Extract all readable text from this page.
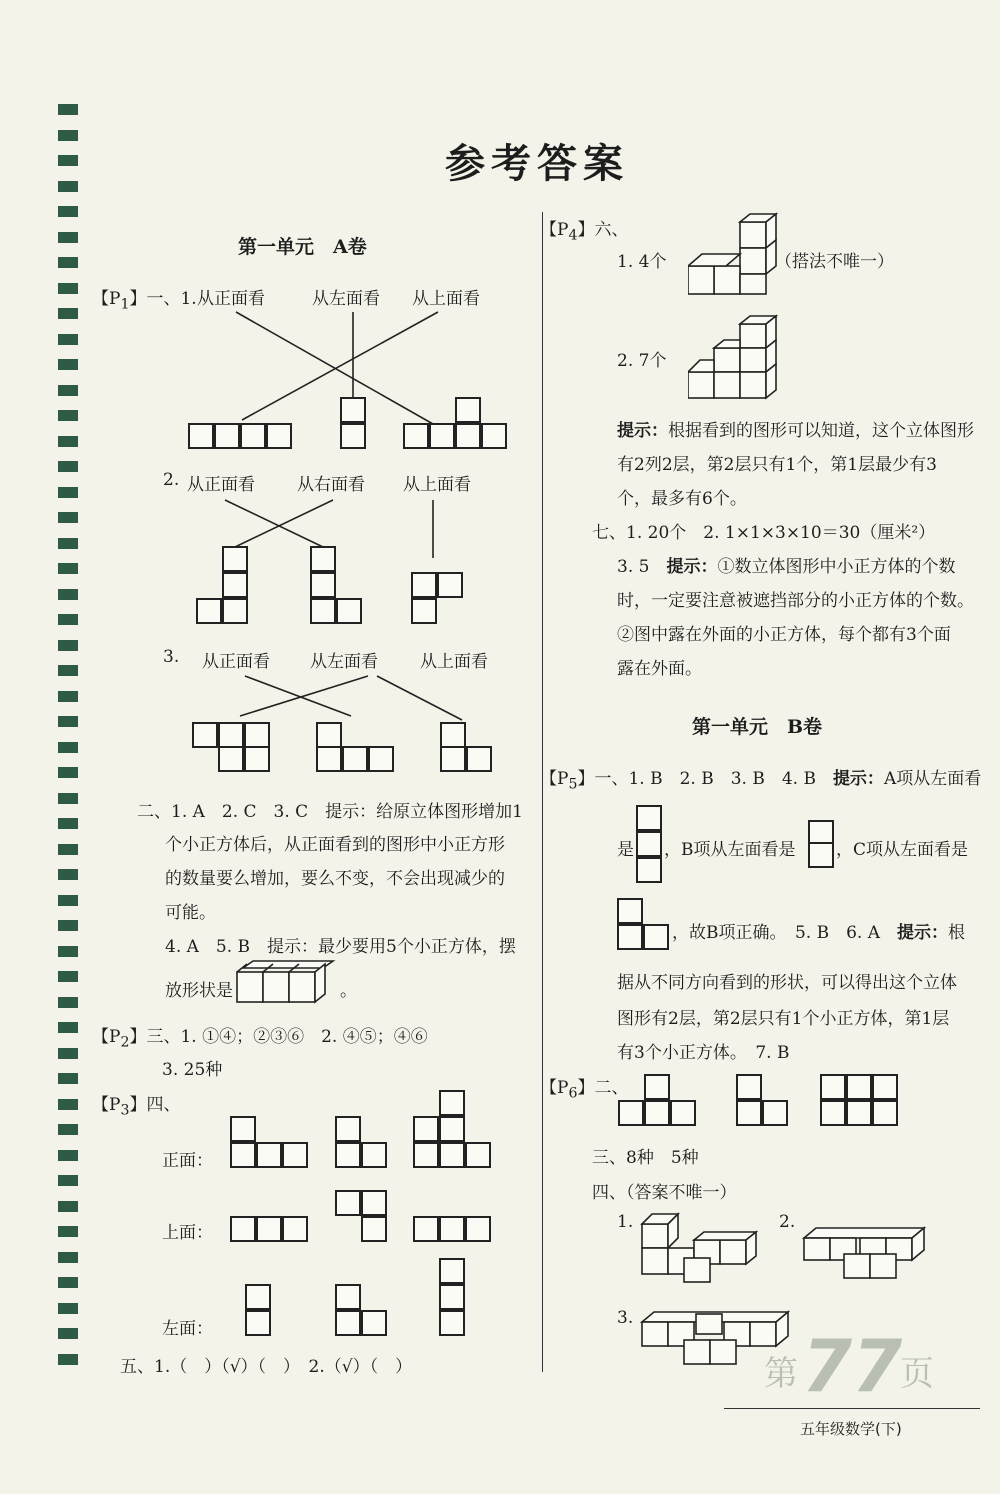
参考答案
第一单元　A卷
【$P_1$】一、1. 从正面看	从左面看 从上面看
2. 从正面看 从右面看 从上面看
3. 从正面看 从左面看 从上面看
二、1. A　2. C　3. C　提示：给原立体图形增加1
个小正方体后，从正面看到的图形中小正方形
的数量要么增加，要么不变，不会出现减少的
可能。
4. A　5. B　提示：最少要用5个小正方体，摆
放形状是	。
【$P_2$】三、1. ①④；②③⑥　2. ④⑤；④⑥
3. 25种
【$P_3$】四、
正面：
上面：
左面：
五、1.（　）（√）（　）　2.（√）（　）
【$P_4$】六、
1. 4个	（搭法不唯一）
2. 7个
提示：根据看到的图形可以知道，这个立体图形
有2列2层，第2层只有1个，第1层最少有3
个，最多有6个。
七、1. 20个　2. 1×1×3×10＝30（厘米²）
3. 5　提示：①数立体图形中小正方体的个数
时，一定要注意被遮挡部分的小正方体的个数。
②图中露在外面的小正方体，每个都有3个面
露在外面。
第一单元　B卷
【$P_5$】一、1. B　2. B　3. B　4. B　提示：A项从左面看
是 ，B项从左面看是 ，C项从左面看是
，故B项正确。　5. B　6. A　提示：根
据从不同方向看到的形状，可以得出这个立体
图形有2层，第2层只有1个小正方体，第1层
有3个小正方体。　7. B
【$P_6$】二、
三、8种　5种
四、（答案不唯一）
1.	2.
3.
第 77
页
五年级数学(下)
